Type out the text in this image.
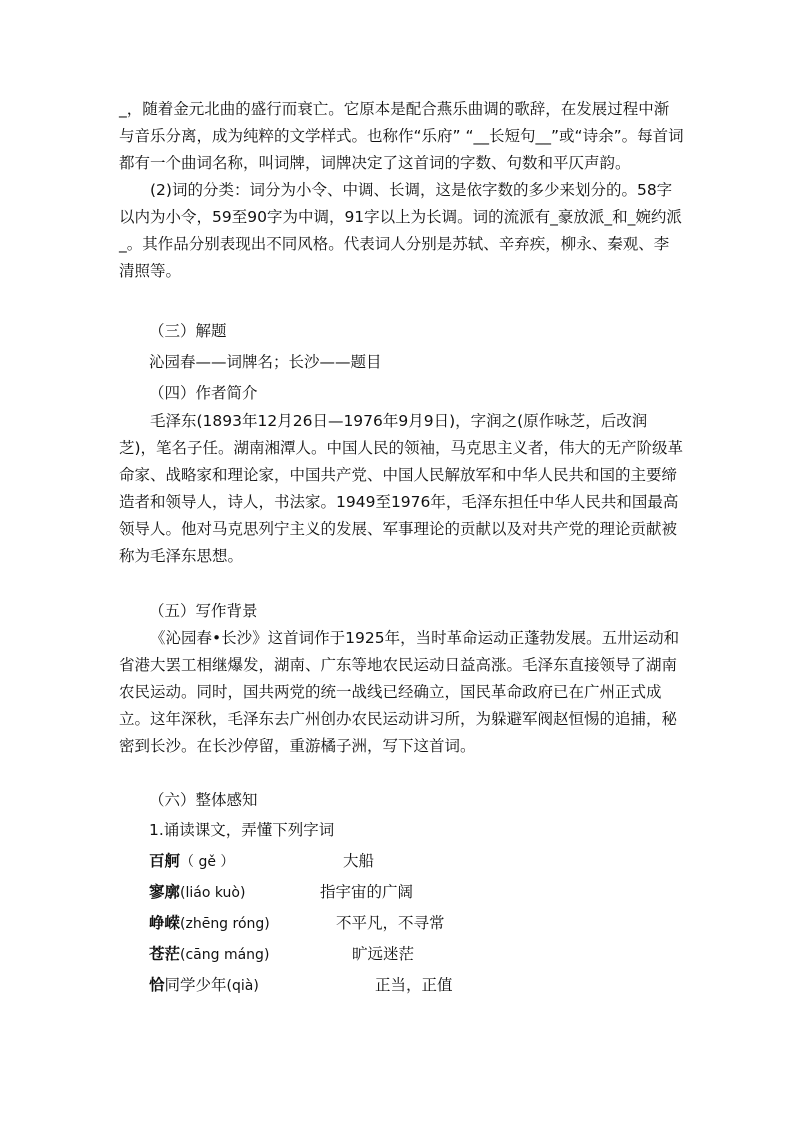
_，随着金元北曲的盛行而衰亡。它原本是配合燕乐曲调的歌辞，在发展过程中渐与音乐分离，成为纯粹的文学样式。也称作“乐府” “__长短句__”或“诗余”。每首词都有一个曲词名称，叫词牌，词牌决定了这首词的字数、句数和平仄声韵。

(2)词的分类：词分为小令、中调、长调，这是依字数的多少来划分的。58字以内为小令，59至90字为中调，91字以上为长调。词的流派有_豪放派_和_婉约派_。其作品分别表现出不同风格。代表词人分别是苏轼、辛弃疾，柳永、秦观、李清照等。

（三）解题

沁园春——词牌名；长沙——题目

（四）作者简介

毛泽东(1893年12月26日—1976年9月9日)，字润之(原作咏芝，后改润芝)，笔名子任。湖南湘潭人。中国人民的领袖，马克思主义者，伟大的无产阶级革命家、战略家和理论家，中国共产党、中国人民解放军和中华人民共和国的主要缔造者和领导人，诗人，书法家。1949至1976年，毛泽东担任中华人民共和国最高领导人。他对马克思列宁主义的发展、军事理论的贡献以及对共产党的理论贡献被称为毛泽东思想。

（五）写作背景

《沁园春•长沙》这首词作于1925年，当时革命运动正蓬勃发展。五卅运动和省港大罢工相继爆发，湖南、广东等地农民运动日益高涨。毛泽东直接领导了湖南农民运动。同时，国共两党的统一战线已经确立，国民革命政府已在广州正式成立。这年深秋，毛泽东去广州创办农民运动讲习所，为躲避军阀赵恒惕的追捕，秘密到长沙。在长沙停留，重游橘子洲，写下这首词。

（六）整体感知

1.诵读课文，弄懂下列字词

百舸（ gě ）	大船
寥廓(liáo kuò)	指宇宙的广阔
峥嵘(zhēng róng)	不平凡，不寻常
苍茫(cāng máng)	旷远迷茫
恰同学少年(qià)	正当，正值
